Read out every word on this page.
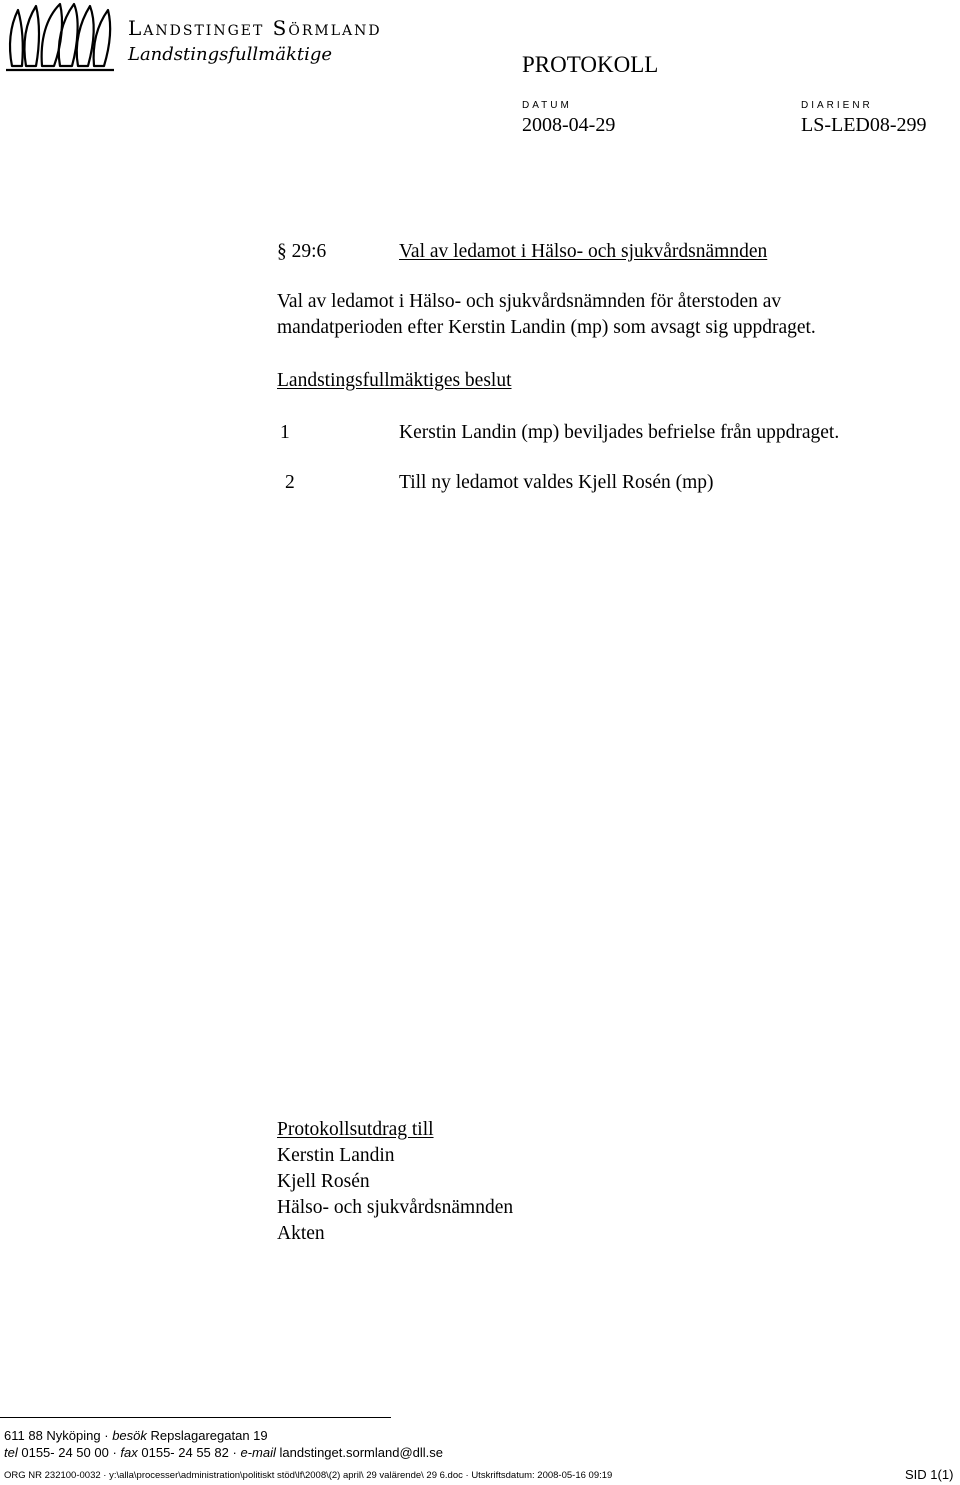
Landstinget Sörmland
Landstingsfullmäktige	PROTOKOLL
DATUM
2008-04-29
DIARIENR
LS-LED08-299
§ 29:6	Val av ledamot i Hälso- och sjukvårdsnämnden
Val av ledamot i Hälso- och sjukvårdsnämnden för återstoden av
mandatperioden efter Kerstin Landin (mp) som avsagt sig uppdraget.
Landstingsfullmäktiges beslut
1	Kerstin Landin (mp) beviljades befrielse från uppdraget.
2	Till ny ledamot valdes Kjell Rosén (mp)
Protokollsutdrag till
Kerstin Landin
Kjell Rosén
Hälso- och sjukvårdsnämnden
Akten
611 88 Nyköping · besök Repslagaregatan 19
tel 0155- 24 50 00 · fax 0155- 24 55 82 · e-mail landstinget.sormland@dll.se
ORG NR 232100-0032 · y:\alla\processer\administration\politiskt stöd\lf\2008\(2) april\ 29 valärende\ 29 6.doc · Utskriftsdatum: 2008-05-16 09:19	SID 1(1)
